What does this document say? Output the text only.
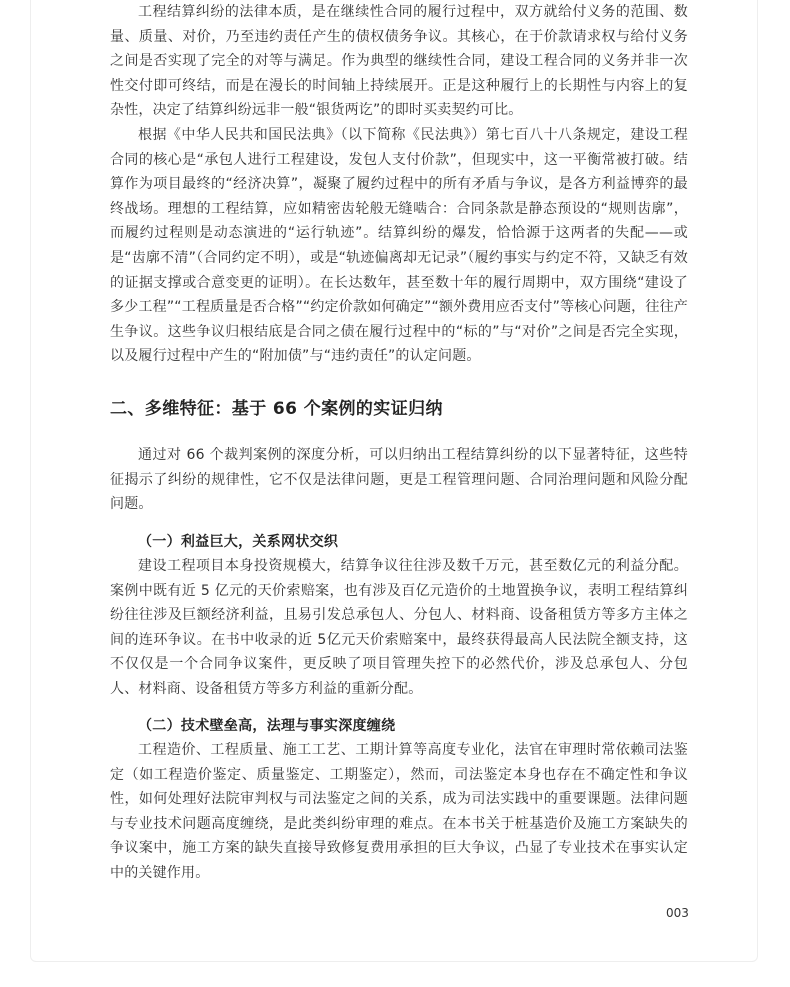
工程结算纠纷的法律本质，是在继续性合同的履行过程中，双方就给付义务的范围、数量、质量、对价，乃至违约责任产生的债权债务争议。其核心，在于价款请求权与给付义务之间是否实现了完全的对等与满足。作为典型的继续性合同，建设工程合同的义务并非一次性交付即可终结，而是在漫长的时间轴上持续展开。正是这种履行上的长期性与内容上的复杂性，决定了结算纠纷远非一般“银货两讫”的即时买卖契约可比。

根据《中华人民共和国民法典》（以下简称《民法典》）第七百八十八条规定，建设工程合同的核心是“承包人进行工程建设，发包人支付价款”，但现实中，这一平衡常被打破。结算作为项目最终的“经济决算”，凝聚了履约过程中的所有矛盾与争议，是各方利益博弈的最终战场。理想的工程结算，应如精密齿轮般无缝啮合：合同条款是静态预设的“规则齿廓”，而履约过程则是动态演进的“运行轨迹”。结算纠纷的爆发，恰恰源于这两者的失配——或是“齿廓不清”（合同约定不明），或是“轨迹偏离却无记录”（履约事实与约定不符，又缺乏有效的证据支撑或合意变更的证明）。在长达数年，甚至数十年的履行周期中，双方围绕“建设了多少工程”“工程质量是否合格”“约定价款如何确定”“额外费用应否支付”等核心问题，往往产生争议。这些争议归根结底是合同之债在履行过程中的“标的”与“对价”之间是否完全实现，以及履行过程中产生的“附加债”与“违约责任”的认定问题。

二、多维特征：基于 66 个案例的实证归纳

通过对 66 个裁判案例的深度分析，可以归纳出工程结算纠纷的以下显著特征，这些特征揭示了纠纷的规律性，它不仅是法律问题，更是工程管理问题、合同治理问题和风险分配问题。

（一）利益巨大，关系网状交织

建设工程项目本身投资规模大，结算争议往往涉及数千万元，甚至数亿元的利益分配。案例中既有近 5 亿元的天价索赔案，也有涉及百亿元造价的土地置换争议，表明工程结算纠纷往往涉及巨额经济利益，且易引发总承包人、分包人、材料商、设备租赁方等多方主体之间的连环争议。在书中收录的近 5亿元天价索赔案中，最终获得最高人民法院全额支持，这不仅仅是一个合同争议案件，更反映了项目管理失控下的必然代价，涉及总承包人、分包人、材料商、设备租赁方等多方利益的重新分配。

（二）技术壁垒高，法理与事实深度缠绕

工程造价、工程质量、施工工艺、工期计算等高度专业化，法官在审理时常依赖司法鉴定（如工程造价鉴定、质量鉴定、工期鉴定），然而，司法鉴定本身也存在不确定性和争议性，如何处理好法院审判权与司法鉴定之间的关系，成为司法实践中的重要课题。法律问题与专业技术问题高度缠绕，是此类纠纷审理的难点。在本书关于桩基造价及施工方案缺失的争议案中，施工方案的缺失直接导致修复费用承担的巨大争议，凸显了专业技术在事实认定中的关键作用。

003
